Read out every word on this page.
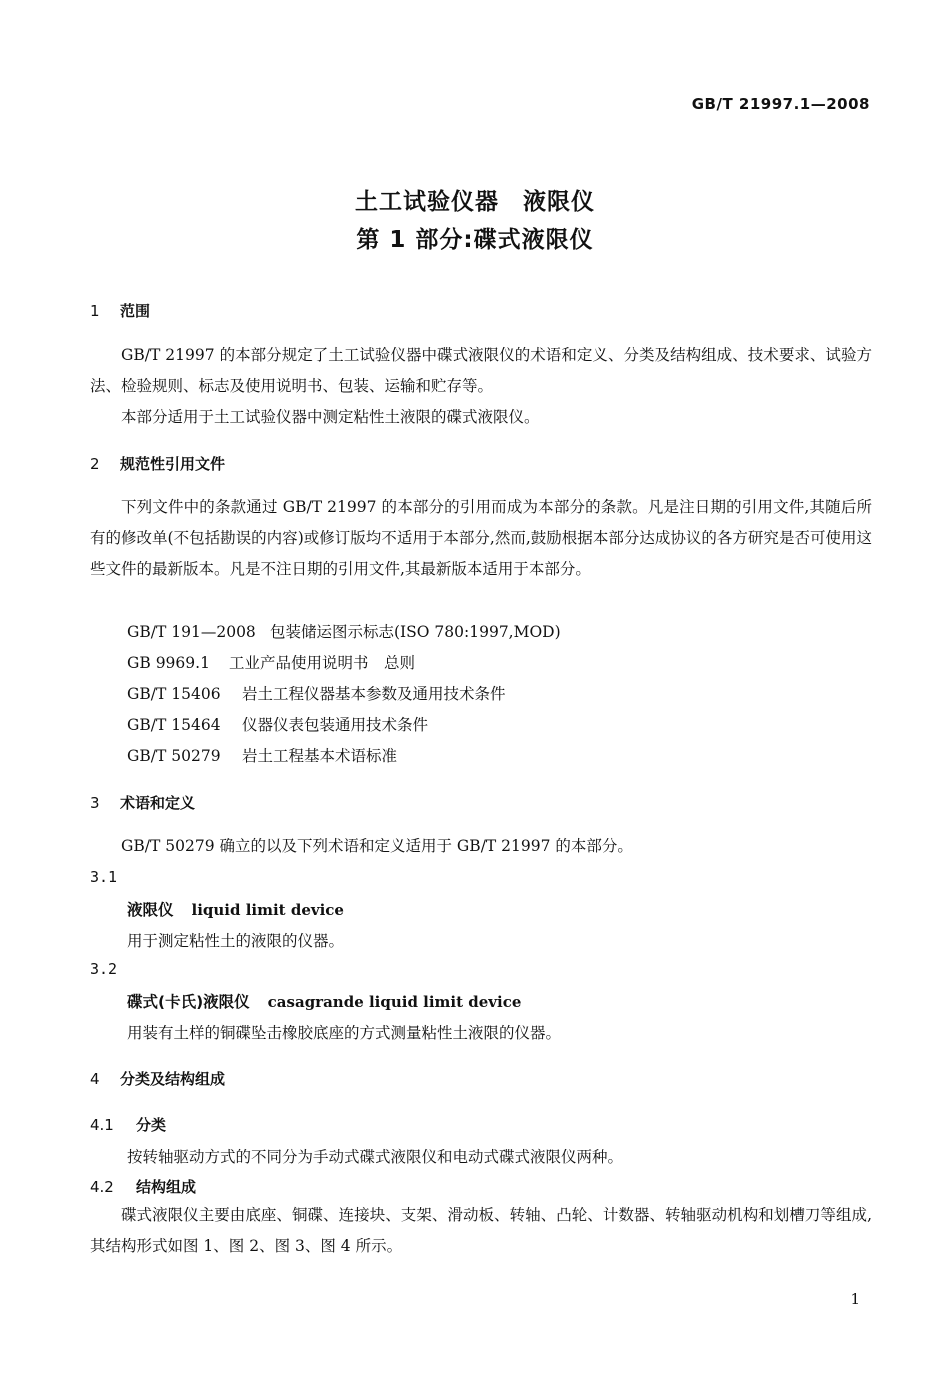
GB/T 21997.1—2008
土工试验仪器　液限仪
第 1 部分:碟式液限仪
1 范围

GB/T 21997 的本部分规定了土工试验仪器中碟式液限仪的术语和定义、分类及结构组成、技术要求、试验方法、检验规则、标志及使用说明书、包装、运输和贮存等。

本部分适用于土工试验仪器中测定粘性土液限的碟式液限仪。

2 规范性引用文件

下列文件中的条款通过 GB/T 21997 的本部分的引用而成为本部分的条款。凡是注日期的引用文件,其随后所有的修改单(不包括勘误的内容)或修订版均不适用于本部分,然而,鼓励根据本部分达成协议的各方研究是否可使用这些文件的最新版本。凡是不注日期的引用文件,其最新版本适用于本部分。

GB/T 191—2008 包装储运图示标志(ISO 780:1997,MOD)
GB 9969.1 工业产品使用说明书　总则
GB/T 15406 岩土工程仪器基本参数及通用技术条件
GB/T 15464 仪器仪表包装通用技术条件
GB/T 50279 岩土工程基本术语标准
3 术语和定义

GB/T 50279 确立的以及下列术语和定义适用于 GB/T 21997 的本部分。

3.1
液限仪 liquid limit device
用于测定粘性土的液限的仪器。
3.2
碟式(卡氏)液限仪 casagrande liquid limit device
用装有土样的铜碟坠击橡胶底座的方式测量粘性土液限的仪器。
4 分类及结构组成
4.1 分类
按转轴驱动方式的不同分为手动式碟式液限仪和电动式碟式液限仪两种。
4.2 结构组成

碟式液限仪主要由底座、铜碟、连接块、支架、滑动板、转轴、凸轮、计数器、转轴驱动机构和划槽刀等组成,其结构形式如图 1、图 2、图 3、图 4 所示。

1
